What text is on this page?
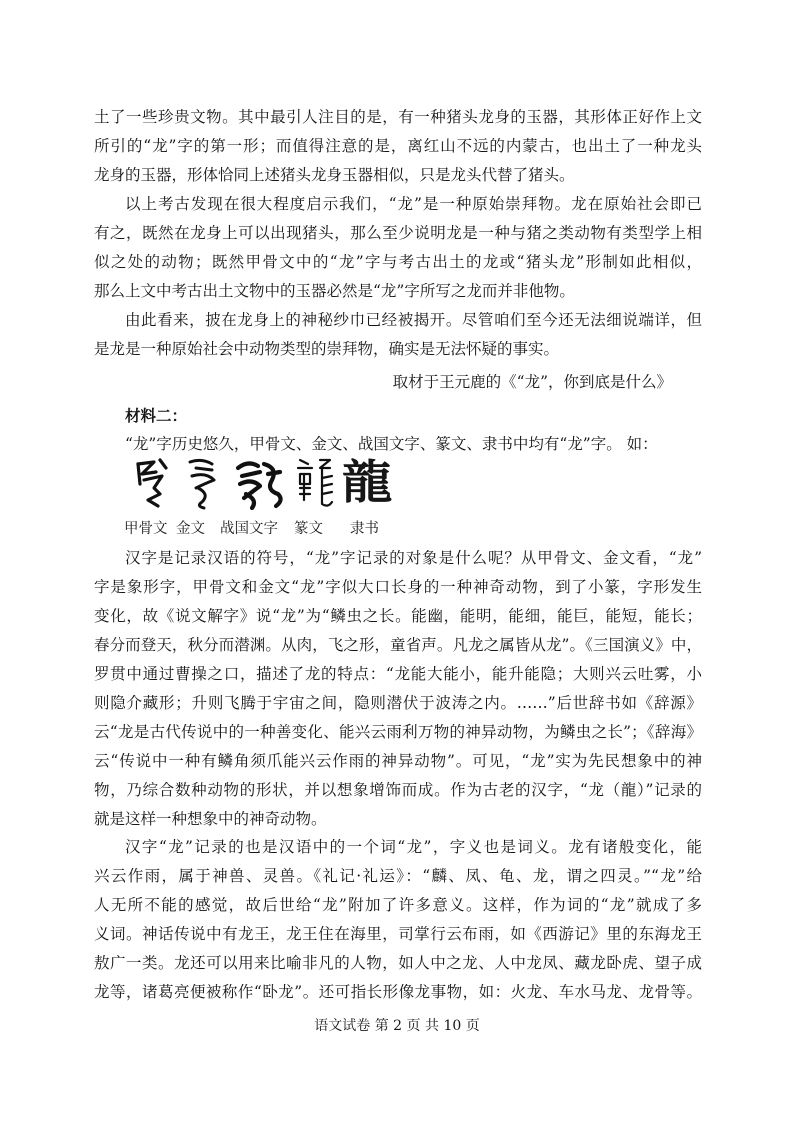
土了一些珍贵文物。其中最引人注目的是，有一种猪头龙身的玉器，其形体正好作上文
所引的“龙”字的第一形；而值得注意的是，离红山不远的内蒙古，也出土了一种龙头
龙身的玉器，形体恰同上述猪头龙身玉器相似，只是龙头代替了猪头。
以上考古发现在很大程度启示我们，“龙”是一种原始崇拜物。龙在原始社会即已
有之，既然在龙身上可以出现猪头，那么至少说明龙是一种与猪之类动物有类型学上相
似之处的动物；既然甲骨文中的“龙”字与考古出土的龙或“猪头龙”形制如此相似，
那么上文中考古出土文物中的玉器必然是“龙”字所写之龙而并非他物。
由此看来，披在龙身上的神秘纱巾已经被揭开。尽管咱们至今还无法细说端详，但
是龙是一种原始社会中动物类型的崇拜物，确实是无法怀疑的事实。
取材于王元鹿的《“龙”，你到底是什么》
材料二：
“龙”字历史悠久，甲骨文、金文、战国文字、篆文、隶书中均有“龙”字。 如：
龍
甲骨文 金文 战国文字 篆文 隶书
汉字是记录汉语的符号，“龙”字记录的对象是什么呢？从甲骨文、金文看，“龙”
字是象形字，甲骨文和金文“龙”字似大口长身的一种神奇动物，到了小篆，字形发生
变化，故《说文解字》说“龙”为“鳞虫之长。能幽，能明，能细，能巨，能短，能长；
春分而登天，秋分而潜渊。从肉，飞之形，童省声。凡龙之属皆从龙”。《三国演义》中，
罗贯中通过曹操之口，描述了龙的特点：“龙能大能小，能升能隐；大则兴云吐雾，小
则隐介藏形；升则飞腾于宇宙之间，隐则潜伏于波涛之内。……”后世辞书如《辞源》
云“龙是古代传说中的一种善变化、能兴云雨利万物的神异动物，为鳞虫之长”；《辞海》
云“传说中一种有鳞角须爪能兴云作雨的神异动物”。可见，“龙”实为先民想象中的神
物，乃综合数种动物的形状，并以想象增饰而成。作为古老的汉字，“龙（龍）”记录的
就是这样一种想象中的神奇动物。
汉字“龙”记录的也是汉语中的一个词“龙”，字义也是词义。龙有诸般变化，能
兴云作雨，属于神兽、灵兽。《礼记·礼运》：“麟、凤、龟、龙，谓之四灵。”“龙”给
人无所不能的感觉，故后世给“龙”附加了许多意义。这样，作为词的“龙”就成了多
义词。神话传说中有龙王，龙王住在海里，司掌行云布雨，如《西游记》里的东海龙王
敖广一类。龙还可以用来比喻非凡的人物，如人中之龙、人中龙凤、藏龙卧虎、望子成
龙等，诸葛亮便被称作“卧龙”。还可指长形像龙事物，如：火龙、车水马龙、龙骨等。
语文试卷 第 2 页 共 10 页
